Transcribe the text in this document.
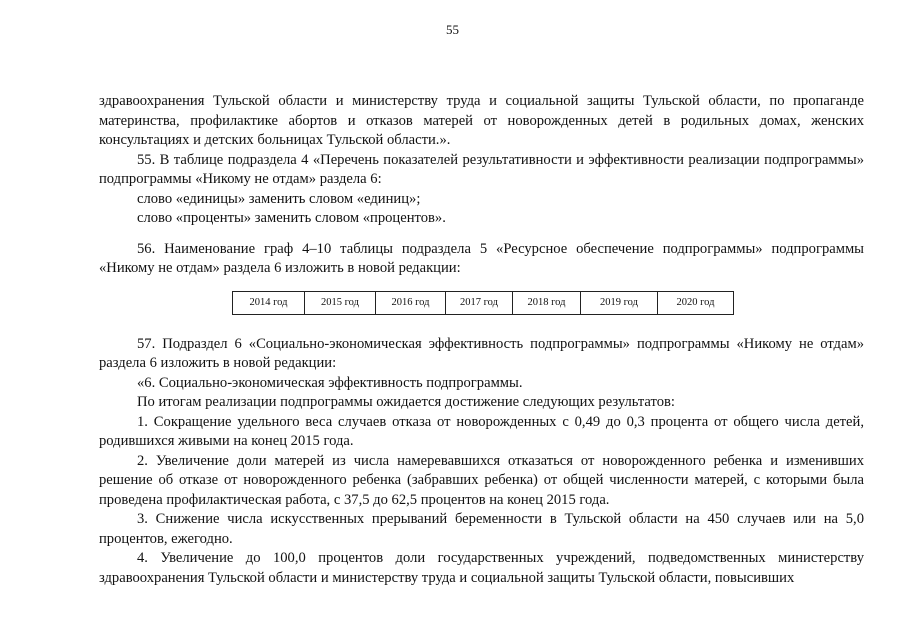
55

здравоохранения Тульской области и министерству труда и социальной защиты Тульской области, по пропаганде материнства, профилактике абортов и отказов матерей от новорожденных детей в родильных домах, женских консультациях и детских больницах Тульской области.».

55. В таблице подраздела 4 «Перечень показателей результативности и эффективности реализации подпрограммы» подпрограммы «Никому не отдам» раздела 6:

слово «единицы» заменить словом «единиц»;

слово «проценты» заменить словом «процентов».

56. Наименование граф 4–10 таблицы подраздела 5 «Ресурсное обеспечение подпрограммы» подпрограммы «Никому не отдам» раздела 6 изложить в новой редакции:

2014 год	2015 год	2016 год	2017 год	2018 год	2019 год	2020 год

57. Подраздел 6 «Социально-экономическая эффективность подпрограммы» подпрограммы «Никому не отдам» раздела 6 изложить в новой редакции:

«6. Социально-экономическая эффективность подпрограммы.

По итогам реализации подпрограммы ожидается достижение следующих результатов:

1. Сокращение удельного веса случаев отказа от новорожденных с 0,49 до 0,3 процента от общего числа детей, родившихся живыми на конец 2015 года.

2. Увеличение доли матерей из числа намеревавшихся отказаться от новорожденного ребенка и изменивших решение об отказе от новорожденного ребенка (забравших ребенка) от общей численности матерей, с которыми была проведена профилактическая работа, с 37,5 до 62,5 процентов на конец 2015 года.

3. Снижение числа искусственных прерываний беременности в Тульской области на 450 случаев или на 5,0 процентов, ежегодно.

4. Увеличение до 100,0 процентов доли государственных учреждений, подведомственных министерству здравоохранения Тульской области и министерству труда и социальной защиты Тульской области, повысивших
